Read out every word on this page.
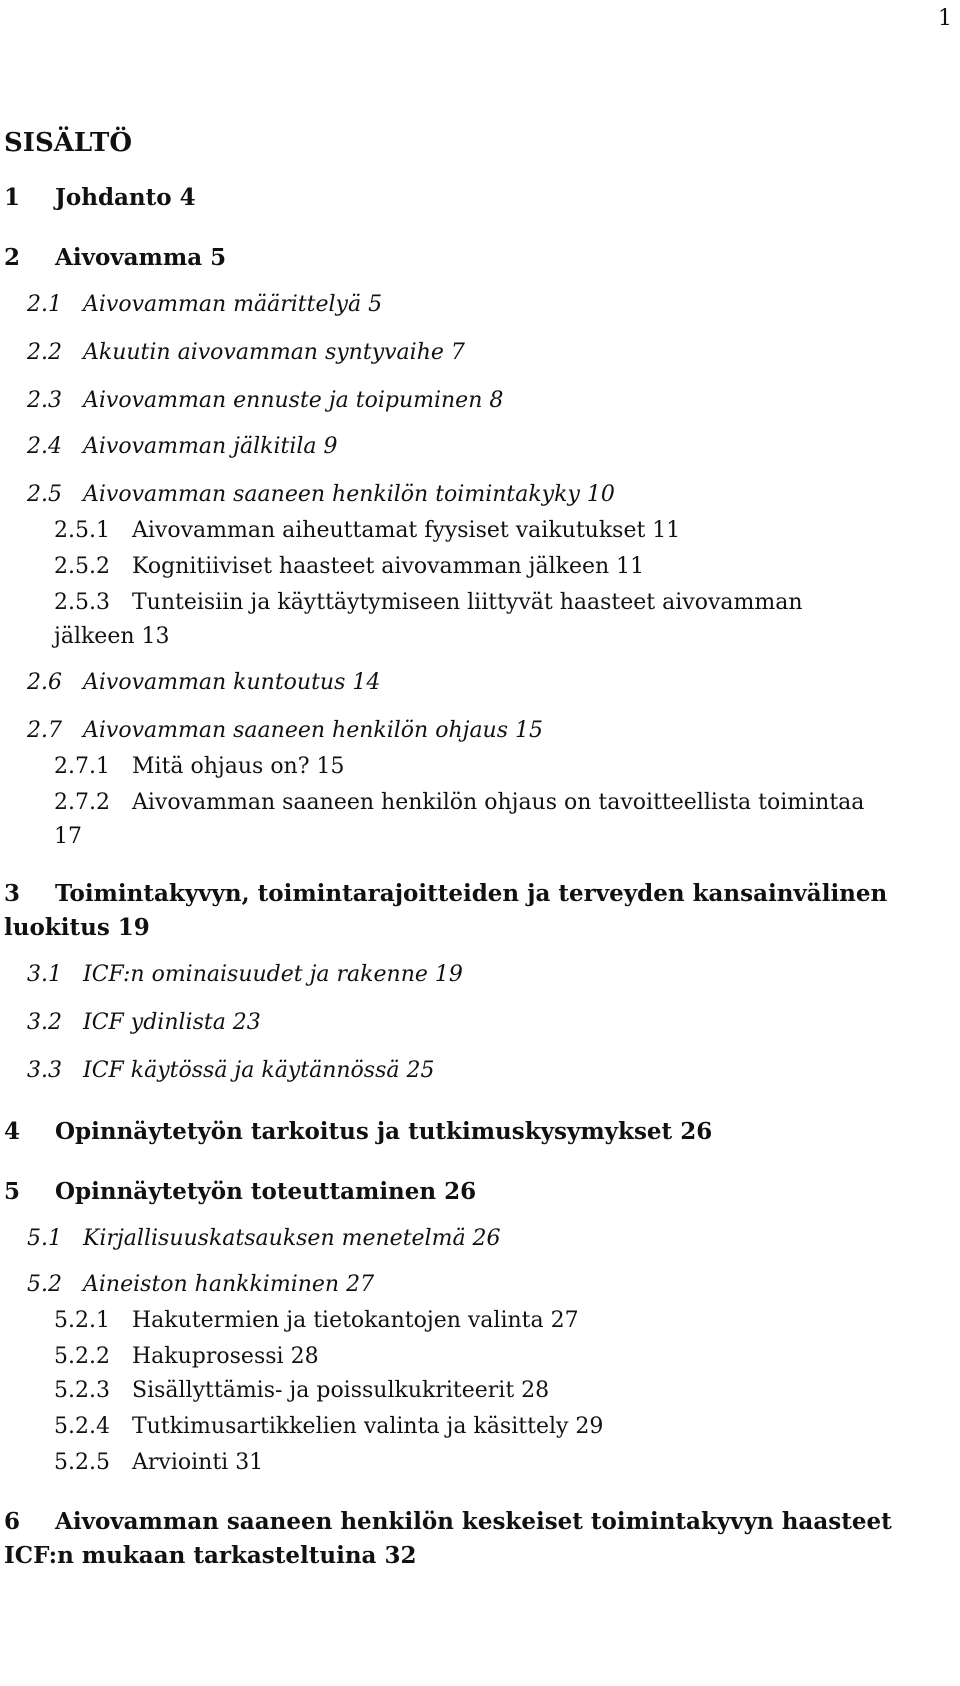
1
SISÄLTÖ
1 Johdanto 4
2 Aivovamma 5
2.1 Aivovamman määrittelyä 5
2.2 Akuutin aivovamman syntyvaihe 7
2.3 Aivovamman ennuste ja toipuminen 8
2.4 Aivovamman jälkitila 9
2.5 Aivovamman saaneen henkilön toimintakyky 10
2.5.1 Aivovamman aiheuttamat fyysiset vaikutukset 11
2.5.2 Kognitiiviset haasteet aivovamman jälkeen 11
2.5.3 Tunteisiin ja käyttäytymiseen liittyvät haasteet aivovamman
jälkeen 13
2.6 Aivovamman kuntoutus 14
2.7 Aivovamman saaneen henkilön ohjaus 15
2.7.1 Mitä ohjaus on? 15
2.7.2 Aivovamman saaneen henkilön ohjaus on tavoitteellista toimintaa
17
3 Toimintakyvyn, toimintarajoitteiden ja terveyden kansainvälinen
luokitus 19
3.1 ICF:n ominaisuudet ja rakenne 19
3.2 ICF ydinlista 23
3.3 ICF käytössä ja käytännössä 25
4 Opinnäytetyön tarkoitus ja tutkimuskysymykset 26
5 Opinnäytetyön toteuttaminen 26
5.1 Kirjallisuuskatsauksen menetelmä 26
5.2 Aineiston hankkiminen 27
5.2.1 Hakutermien ja tietokantojen valinta 27
5.2.2 Hakuprosessi 28
5.2.3 Sisällyttämis- ja poissulkukriteerit 28
5.2.4 Tutkimusartikkelien valinta ja käsittely 29
5.2.5 Arviointi 31
6 Aivovamman saaneen henkilön keskeiset toimintakyvyn haasteet
ICF:n mukaan tarkasteltuina 32
